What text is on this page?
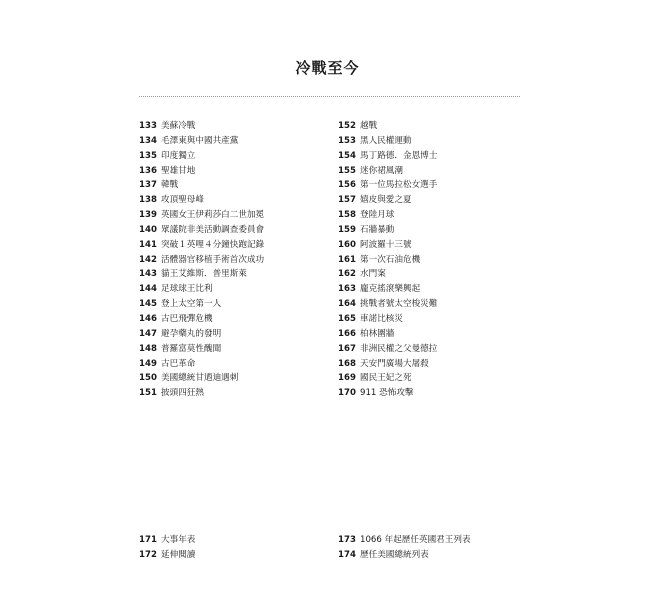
冷戰至今
133 美蘇冷戰
134 毛澤東與中國共產黨
135 印度獨立
136 聖雄甘地
137 韓戰
138 攻頂聖母峰
139 英國女王伊莉莎白二世加冕
140 眾議院非美活動調查委員會
141 突破１英哩４分鐘快跑記錄
142 活體器官移植手術首次成功
143 貓王艾維斯．普里斯萊
144 足球球王比利
145 登上太空第一人
146 古巴飛彈危機
147 避孕藥丸的發明
148 普羅富莫性醜聞
149 古巴革命
150 美國總統甘迺迪遇刺
151 披頭四狂熱
152 越戰
153 黑人民權運動
154 馬丁路德．金恩博士
155 迷你裙風潮
156 第一位馬拉松女選手
157 嬉皮與愛之夏
158 登陸月球
159 石牆暴動
160 阿波羅十三號
161 第一次石油危機
162 水門案
163 龐克搖滾樂興起
164 挑戰者號太空梭災難
165 車諾比核災
166 柏林圍牆
167 非洲民權之父曼德拉
168 天安門廣場大屠殺
169 國民王妃之死
170 911 恐怖攻擊
171 大事年表
172 延伸閱讀
173 1066 年起歷任英國君王列表
174 歷任美國總統列表
